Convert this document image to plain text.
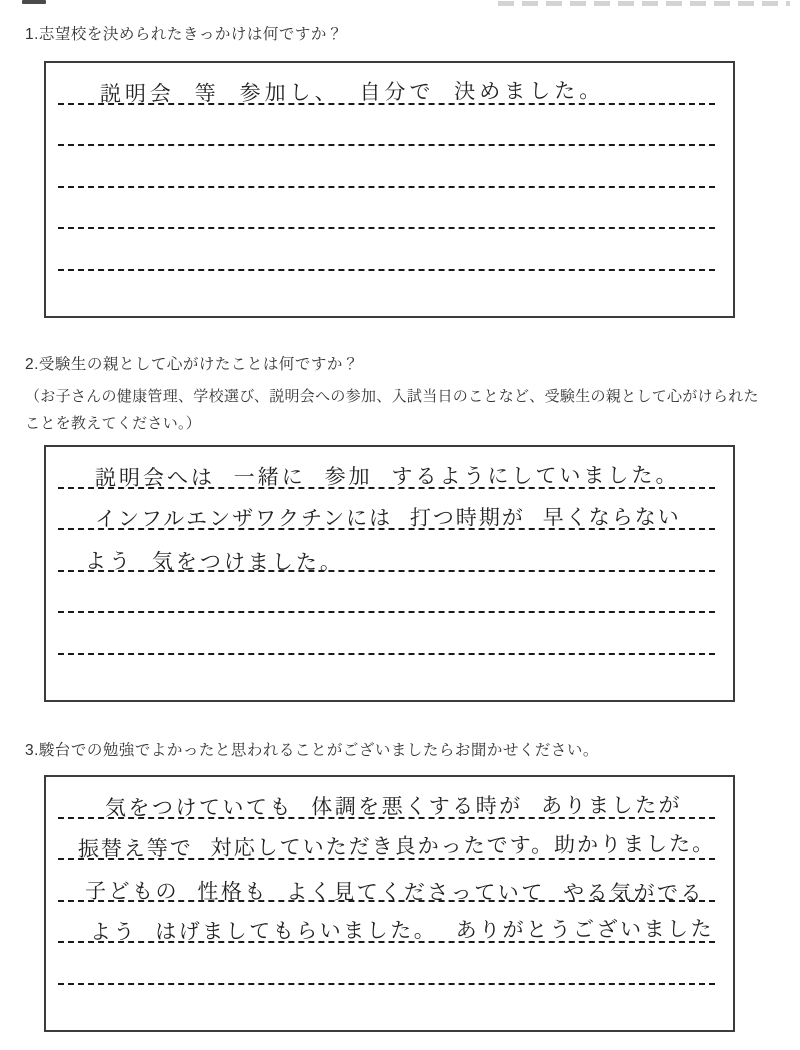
1.志望校を決められたきっかけは何ですか？

説明会 等 参加し、 自分で 決めました。

2.受験生の親として心がけたことは何ですか？

（お子さんの健康管理、学校選び、説明会への参加、入試当日のことなど、受験生の親として心がけられたことを教えてください。）

説明会へは 一緒に 参加 するようにしていました。
インフルエンザワクチンには 打つ時期が 早くならない
よう 気をつけました。

3.駿台での勉強でよかったと思われることがございましたらお聞かせください。

気をつけていても 体調を悪くする時が ありましたが
振替え等で 対応していただき良かったです。助かりました。
子どもの 性格も よく見てくださっていて やる気がでる
よう はげましてもらいました。 ありがとうございました
